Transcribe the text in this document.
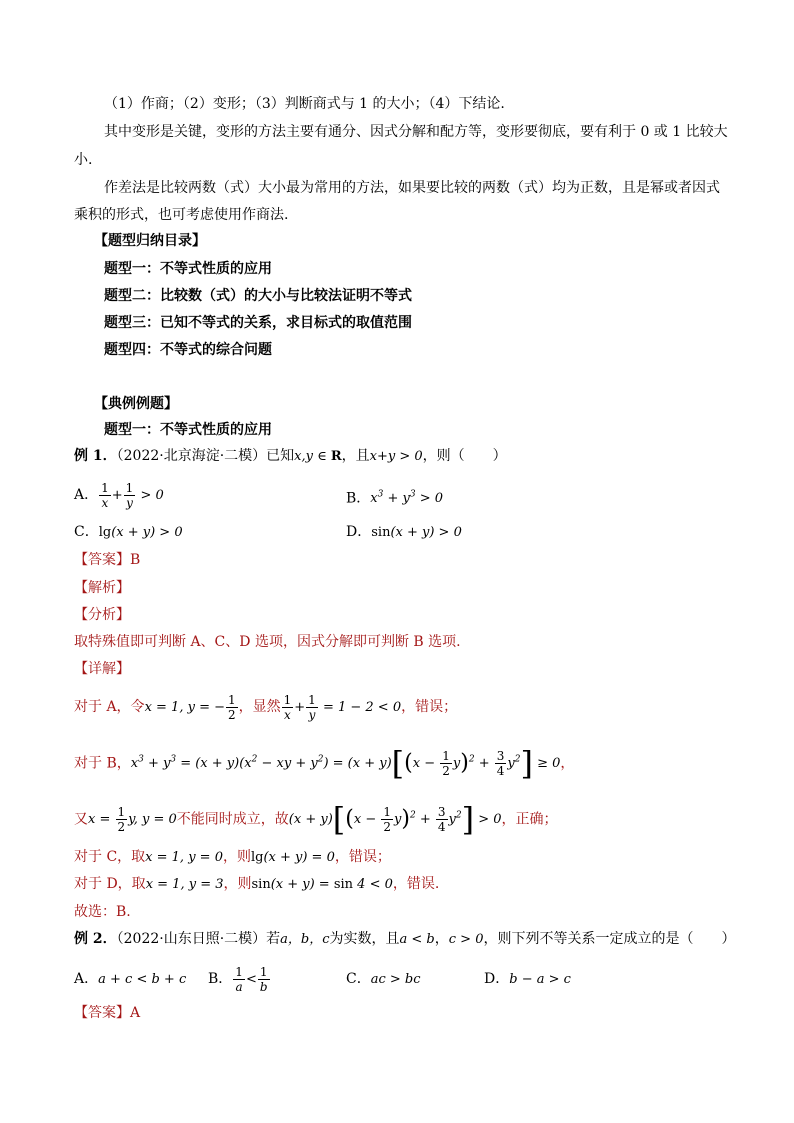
（1）作商；（2）变形；（3）判断商式与 1 的大小；（4）下结论.
其中变形是关键，变形的方法主要有通分、因式分解和配方等，变形要彻底，要有利于 0 或 1 比较大
小.
作差法是比较两数（式）大小最为常用的方法，如果要比较的两数（式）均为正数，且是幂或者因式
乘积的形式，也可考虑使用作商法.
【题型归纳目录】
题型一：不等式性质的应用
题型二：比较数（式）的大小与比较法证明不等式
题型三：已知不等式的关系，求目标式的取值范围
题型四：不等式的综合问题
【典例例题】
题型一：不等式性质的应用
例 1．（2022·北京海淀·二模）已知x,y ∈ R，且x+y > 0，则（　　）
A． $\frac{1}{x} + \frac{1}{y} > 0$	B．$x^3 + y^3 > 0$
C．lg(x + y) > 0	D．sin(x + y) > 0
【答案】B
【解析】
【分析】
取特殊值即可判断 A、C、D 选项，因式分解即可判断 B 选项.
【详解】
对于 A，令x = 1, y = − $\frac{1}{2}$ ，显然 $\frac{1}{x} + \frac{1}{y} = 1 - 2 < 0$，错误；
对于 B，$x^3 + y^3 = (x + y)(x^2$ − xy + $y^2) = (x + y)[(x - \frac{1}{2} y)^2 + \frac{3}{4} y^2] \ge 0$，
又$x = \frac{1}{2} y$, y = 0不能同时成立，故$(x + y)[(x - \frac{1}{2} y)^2 + \frac{3}{4} y^2] > 0$，正确；
对于 C，取x = 1, y = 0，则lg(x + y) = 0，错误；
对于 D，取x = 1, y = 3，则sin(x + y) = sin 4 < 0，错误.
故选：B.
例 2．（2022·山东日照·二模）若a，b，c为实数，且a < b，c > 0，则下列不等关系一定成立的是（　　）
A．a + c < b + c B． $\frac{1}{a} < \frac{1}{b}$	C．ac > bc	D．b − a > c
【答案】A
